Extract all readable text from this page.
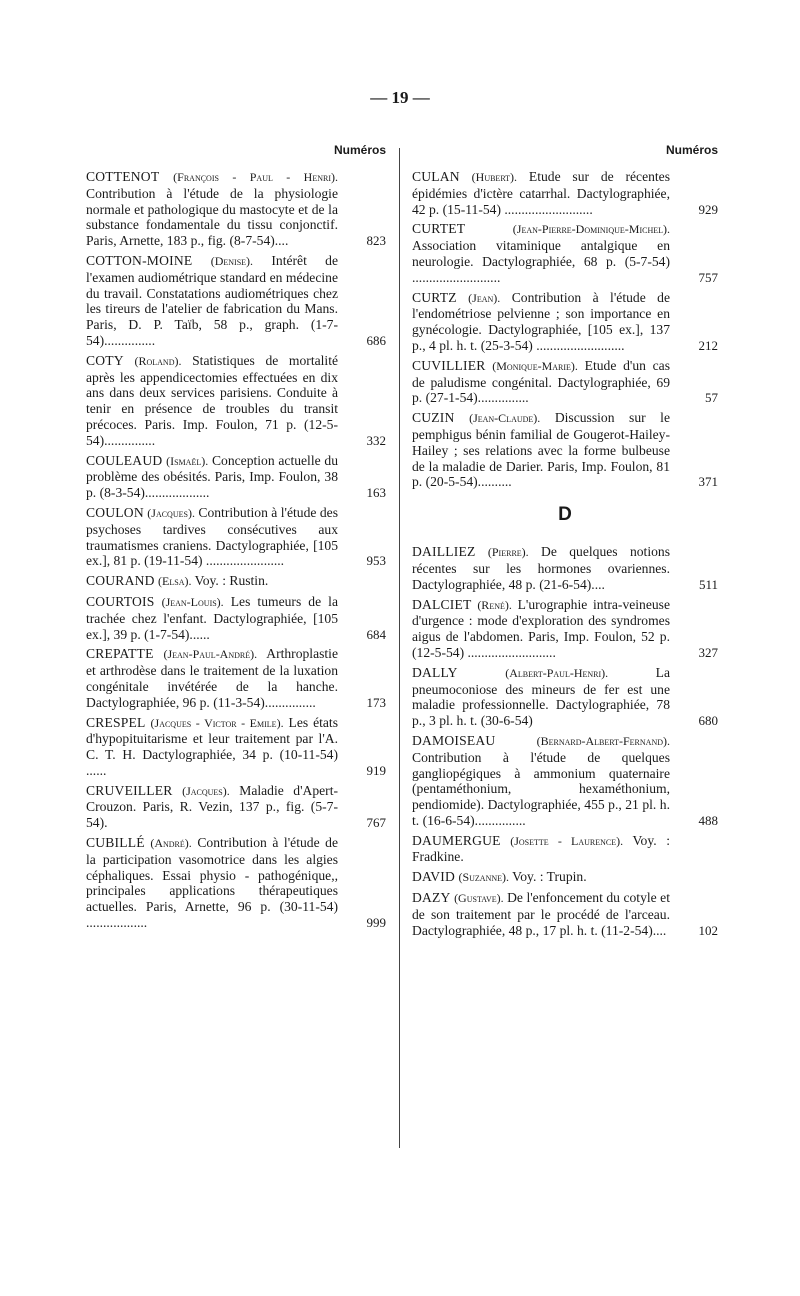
— 19 —
Numéros
COTTENOT (François - Paul - Henri). Contribution à l'étude de la physiologie normale et pathologique du mastocyte et de la substance fondamentale du tissu conjonctif. Paris, Arnette, 183 p., fig. (8-7-54)....	823
COTTON-MOINE (Denise). Intérêt de l'examen audiométrique standard en médecine du travail. Constatations audiométriques chez les tireurs de l'atelier de fabrication du Mans. Paris, D. P. Taïb, 58 p., graph. (1-7-54)...............	686
COTY (Roland). Statistiques de mortalité après les appendicectomies effectuées en dix ans dans deux services parisiens. Conduite à tenir en présence de troubles du transit précoces. Paris. Imp. Foulon, 71 p. (12-5-54)...............	332
COULEAUD (Ismaël). Conception actuelle du problème des obésités. Paris, Imp. Foulon, 38 p. (8-3-54)...................	163
COULON (Jacques). Contribution à l'étude des psychoses tardives consécutives aux traumatismes craniens. Dactylographiée, [105 ex.], 81 p. (19-11-54) .......................	953
COURAND (Elsa). Voy. : Rustin.
COURTOIS (Jean-Louis). Les tumeurs de la trachée chez l'enfant. Dactylographiée, [105 ex.], 39 p. (1-7-54)......	684
CREPATTE (Jean-Paul-André). Arthroplastie et arthrodèse dans le traitement de la luxation congénitale invétérée de la hanche. Dactylographiée, 96 p. (11-3-54)...............	173
CRESPEL (Jacques - Victor - Emile). Les états d'hypopituitarisme et leur traitement par l'A. C. T. H. Dactylographiée, 34 p. (10-11-54) ......	919
CRUVEILLER (Jacques). Maladie d'Apert-Crouzon. Paris, R. Vezin, 137 p., fig. (5-7-54).	767
CUBILLÉ (André). Contribution à l'étude de la participation vasomotrice dans les algies céphaliques. Essai physio - pathogénique,, principales applications thérapeutiques actuelles. Paris, Arnette, 96 p. (30-11-54) ..................	999
Numéros
CULAN (Hubert). Etude sur de récentes épidémies d'ictère catarrhal. Dactylographiée, 42 p. (15-11-54) ..........................	929
CURTET	(Jean-Pierre-Dominique-Michel). Association vitaminique antalgique en neurologie. Dactylographiée, 68 p. (5-7-54) ..........................	757
CURTZ (Jean). Contribution à l'étude de l'endométriose pelvienne ; son importance en gynécologie. Dactylographiée, [105 ex.], 137 p., 4 pl. h. t. (25-3-54) ..........................	212
CUVILLIER (Monique-Marie). Etude d'un cas de paludisme congénital. Dactylographiée, 69 p. (27-1-54)...............	57
CUZIN (Jean-Claude). Discussion sur le pemphigus bénin familial de Gougerot-Hailey-Hailey ; ses relations avec la forme bulbeuse de la maladie de Darier. Paris, Imp. Foulon, 81 p. (20-5-54)..........	371
D
DAILLIEZ (Pierre). De quelques notions récentes sur les hormones ovariennes. Dactylographiée, 48 p. (21-6-54)....	511
DALCIET (René). L'urographie intra-veineuse d'urgence : mode d'exploration des syndromes aigus de l'abdomen. Paris, Imp. Foulon, 52 p. (12-5-54) ..........................	327
DALLY	(Albert-Paul-Henri).	La pneumoconiose des mineurs de fer est une maladie professionnelle. Dactylographiée, 78 p., 3 pl. h. t. (30-6-54)	680
DAMOISEAU	(Bernard-Albert-Fernand). Contribution à l'étude de quelques gangliopégiques à ammonium quaternaire (pentaméthonium, hexaméthonium, pendiomide). Dactylographiée, 455 p., 21 pl. h. t. (16-6-54)...............	488
DAUMERGUE (Josette - Laurence). Voy. : Fradkine.
DAVID (Suzanne). Voy. : Trupin.
DAZY (Gustave). De l'enfoncement du cotyle et de son traitement par le procédé de l'arceau. Dactylographiée, 48 p., 17 pl. h. t. (11-2-54).... 102
